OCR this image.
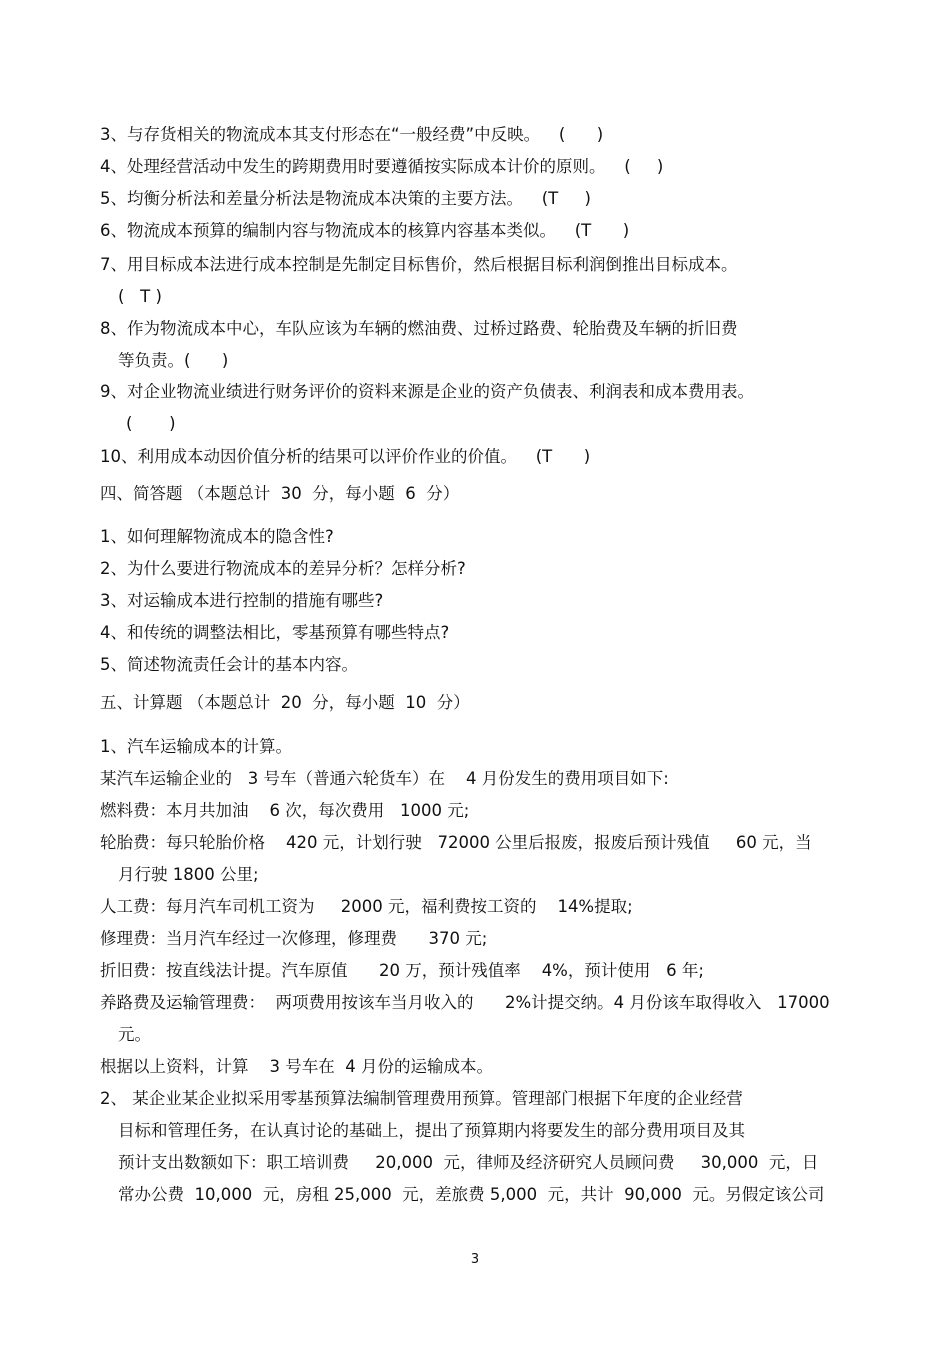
3、与存货相关的物流成本其支付形态在“一般经费”中反映。　  (      )
4、处理经营活动中发生的跨期费用时要遵循按实际成本计价的原则。　  (     )
5、均衡分析法和差量分析法是物流成本决策的主要方法。　  (T     )
6、物流成本预算的编制内容与物流成本的核算内容基本类似。　  (T      )
7、用目标成本法进行成本控制是先制定目标售价，然后根据目标利润倒推出目标成本。
(   T )
8、作为物流成本中心，车队应该为车辆的燃油费、过桥过路费、轮胎费及车辆的折旧费
等负责。(      )
9、对企业物流业绩进行财务评价的资料来源是企业的资产负债表、利润表和成本费用表。
(       )
10、利用成本动因价值分析的结果可以评价作业的价值。　  (T      )
四、简答题 （本题总计  30  分，每小题  6  分）
1、如何理解物流成本的隐含性?
2、为什么要进行物流成本的差异分析？怎样分析?
3、对运输成本进行控制的措施有哪些?
4、和传统的调整法相比，零基预算有哪些特点?
5、简述物流责任会计的基本内容。
五、计算题 （本题总计  20  分，每小题  10  分）
1、汽车运输成本的计算。
某汽车运输企业的   3 号车（普通六轮货车）在    4 月份发生的费用项目如下:
燃料费：本月共加油    6 次，每次费用   1000 元;
轮胎费：每只轮胎价格    420 元，计划行驶   72000 公里后报废，报废后预计残值     60 元，当
月行驶 1800 公里;
人工费：每月汽车司机工资为     2000 元，福利费按工资的    14%提取;
修理费：当月汽车经过一次修理，修理费      370 元;
折旧费：按直线法计提。汽车原值      20 万，预计残值率    4%，预计使用   6 年;
养路费及运输管理费：  两项费用按该车当月收入的      2%计提交纳。4 月份该车取得收入   17000
元。
根据以上资料，计算    3 号车在  4 月份的运输成本。
2、 某企业某企业拟采用零基预算法编制管理费用预算。管理部门根据下年度的企业经营
目标和管理任务，在认真讨论的基础上，提出了预算期内将要发生的部分费用项目及其
预计支出数额如下：职工培训费     20,000  元，律师及经济研究人员顾问费     30,000  元，日
常办公费  10,000  元，房租 25,000  元，差旅费 5,000  元，共计  90,000  元。另假定该公司
3
